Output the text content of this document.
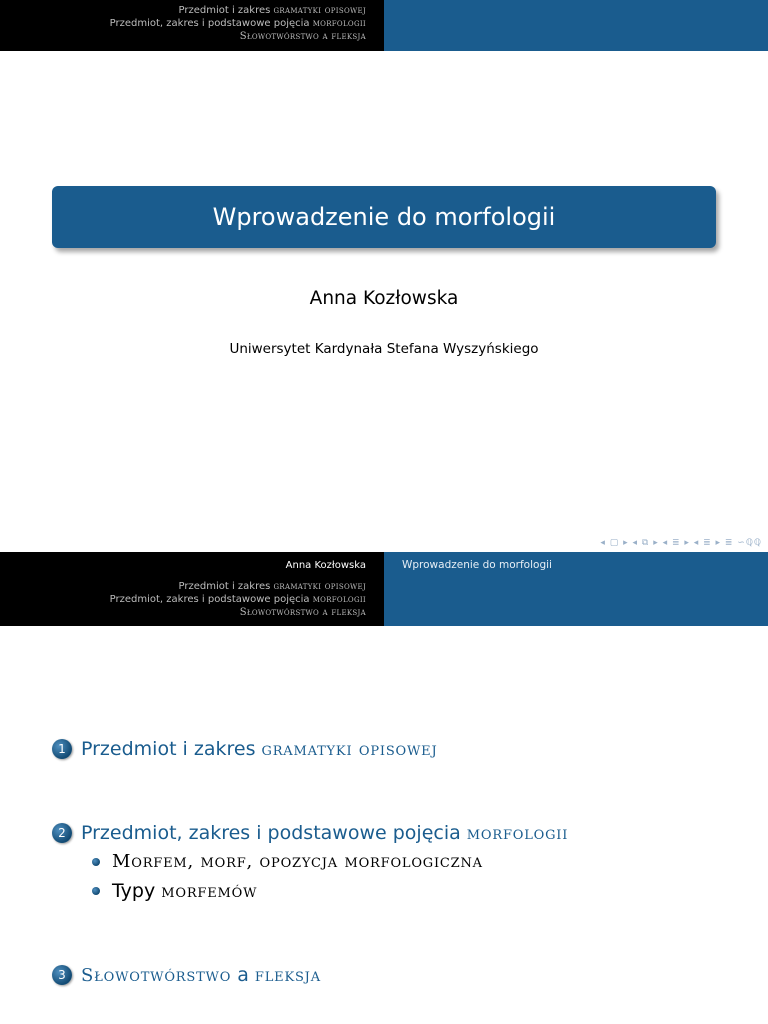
Przedmiot i zakres gramatyki opisowej
Przedmiot, zakres i podstawowe pojęcia morfologii
Słowotwórstwo a fleksja
Wprowadzenie do morfologii
Anna Kozłowska
Uniwersytet Kardynała Stefana Wyszyńskiego
◂ ▢ ▸ ◂ ⧉ ▸ ◂ ≣ ▸ ◂ ≣ ▸ ≣ ∽ℚℚ
Anna Kozłowska
Przedmiot i zakres gramatyki opisowej
Przedmiot, zakres i podstawowe pojęcia morfologii
Słowotwórstwo a fleksja
Wprowadzenie do morfologii
1 Przedmiot i zakres
gramatyki opisowej
2 Przedmiot, zakres i podstawowe pojęcia
morfologii
Morfem, morf, opozycja morfologiczna
Typy
morfemów
3 Słowotwórstwo a fleksja
